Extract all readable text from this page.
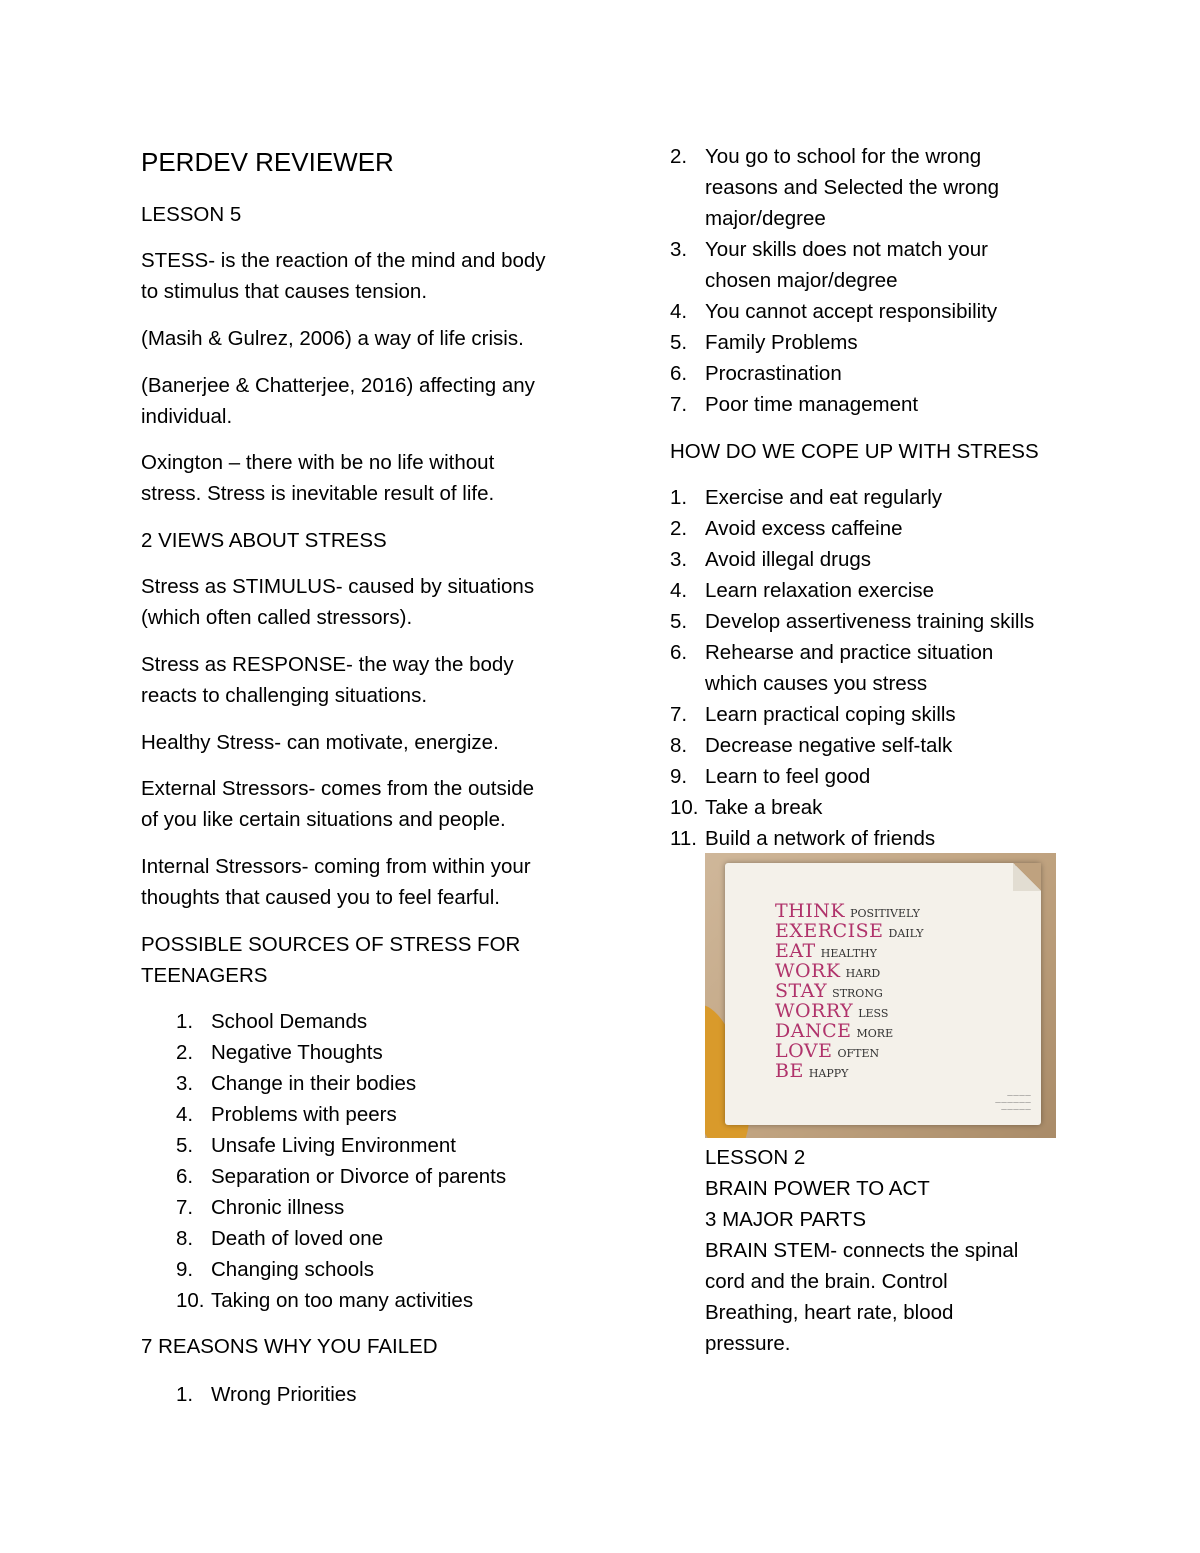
PERDEV REVIEWER
LESSON 5
STESS- is the reaction of the mind and body
to stimulus that causes tension.
(Masih & Gulrez, 2006) a way of life crisis.
(Banerjee & Chatterjee, 2016) affecting any
individual.
Oxington – there with be no life without
stress. Stress is inevitable result of life.
2 VIEWS ABOUT STRESS
Stress as STIMULUS- caused by situations
(which often called stressors).
Stress as RESPONSE- the way the body
reacts to challenging situations.
Healthy Stress- can motivate, energize.
External Stressors- comes from the outside
of you like certain situations and people.
Internal Stressors- coming from within your
thoughts that caused you to feel fearful.
POSSIBLE SOURCES OF STRESS FOR
TEENAGERS
1. School Demands
2. Negative Thoughts
3. Change in their bodies
4. Problems with peers
5. Unsafe Living Environment
6. Separation or Divorce of parents
7. Chronic illness
8. Death of loved one
9. Changing schools
10. Taking on too many activities
7 REASONS WHY YOU FAILED
1. Wrong Priorities
2. You go to school for the wrong
reasons and Selected the wrong
major/degree
3. Your skills does not match your
chosen major/degree
4. You cannot accept responsibility
5. Family Problems
6. Procrastination
7. Poor time management
HOW DO WE COPE UP WITH STRESS
1. Exercise and eat regularly
2. Avoid excess caffeine
3. Avoid illegal drugs
4. Learn relaxation exercise
5. Develop assertiveness training skills
6. Rehearse and practice situation
which causes you stress
7. Learn practical coping skills
8. Decrease negative self-talk
9. Learn to feel good
10. Take a break
11. Build a network of friends
LESSON 2
BRAIN POWER TO ACT
3 MAJOR PARTS
BRAIN STEM- connects the spinal
cord and the brain. Control
Breathing, heart rate, blood
pressure.
THINK POSITIVELY
EXERCISE DAILY
EAT HEALTHY
WORK HARD
STAY STRONG
WORRY LESS
DANCE MORE
LOVE OFTEN
BE HAPPY
————
——————
—————
